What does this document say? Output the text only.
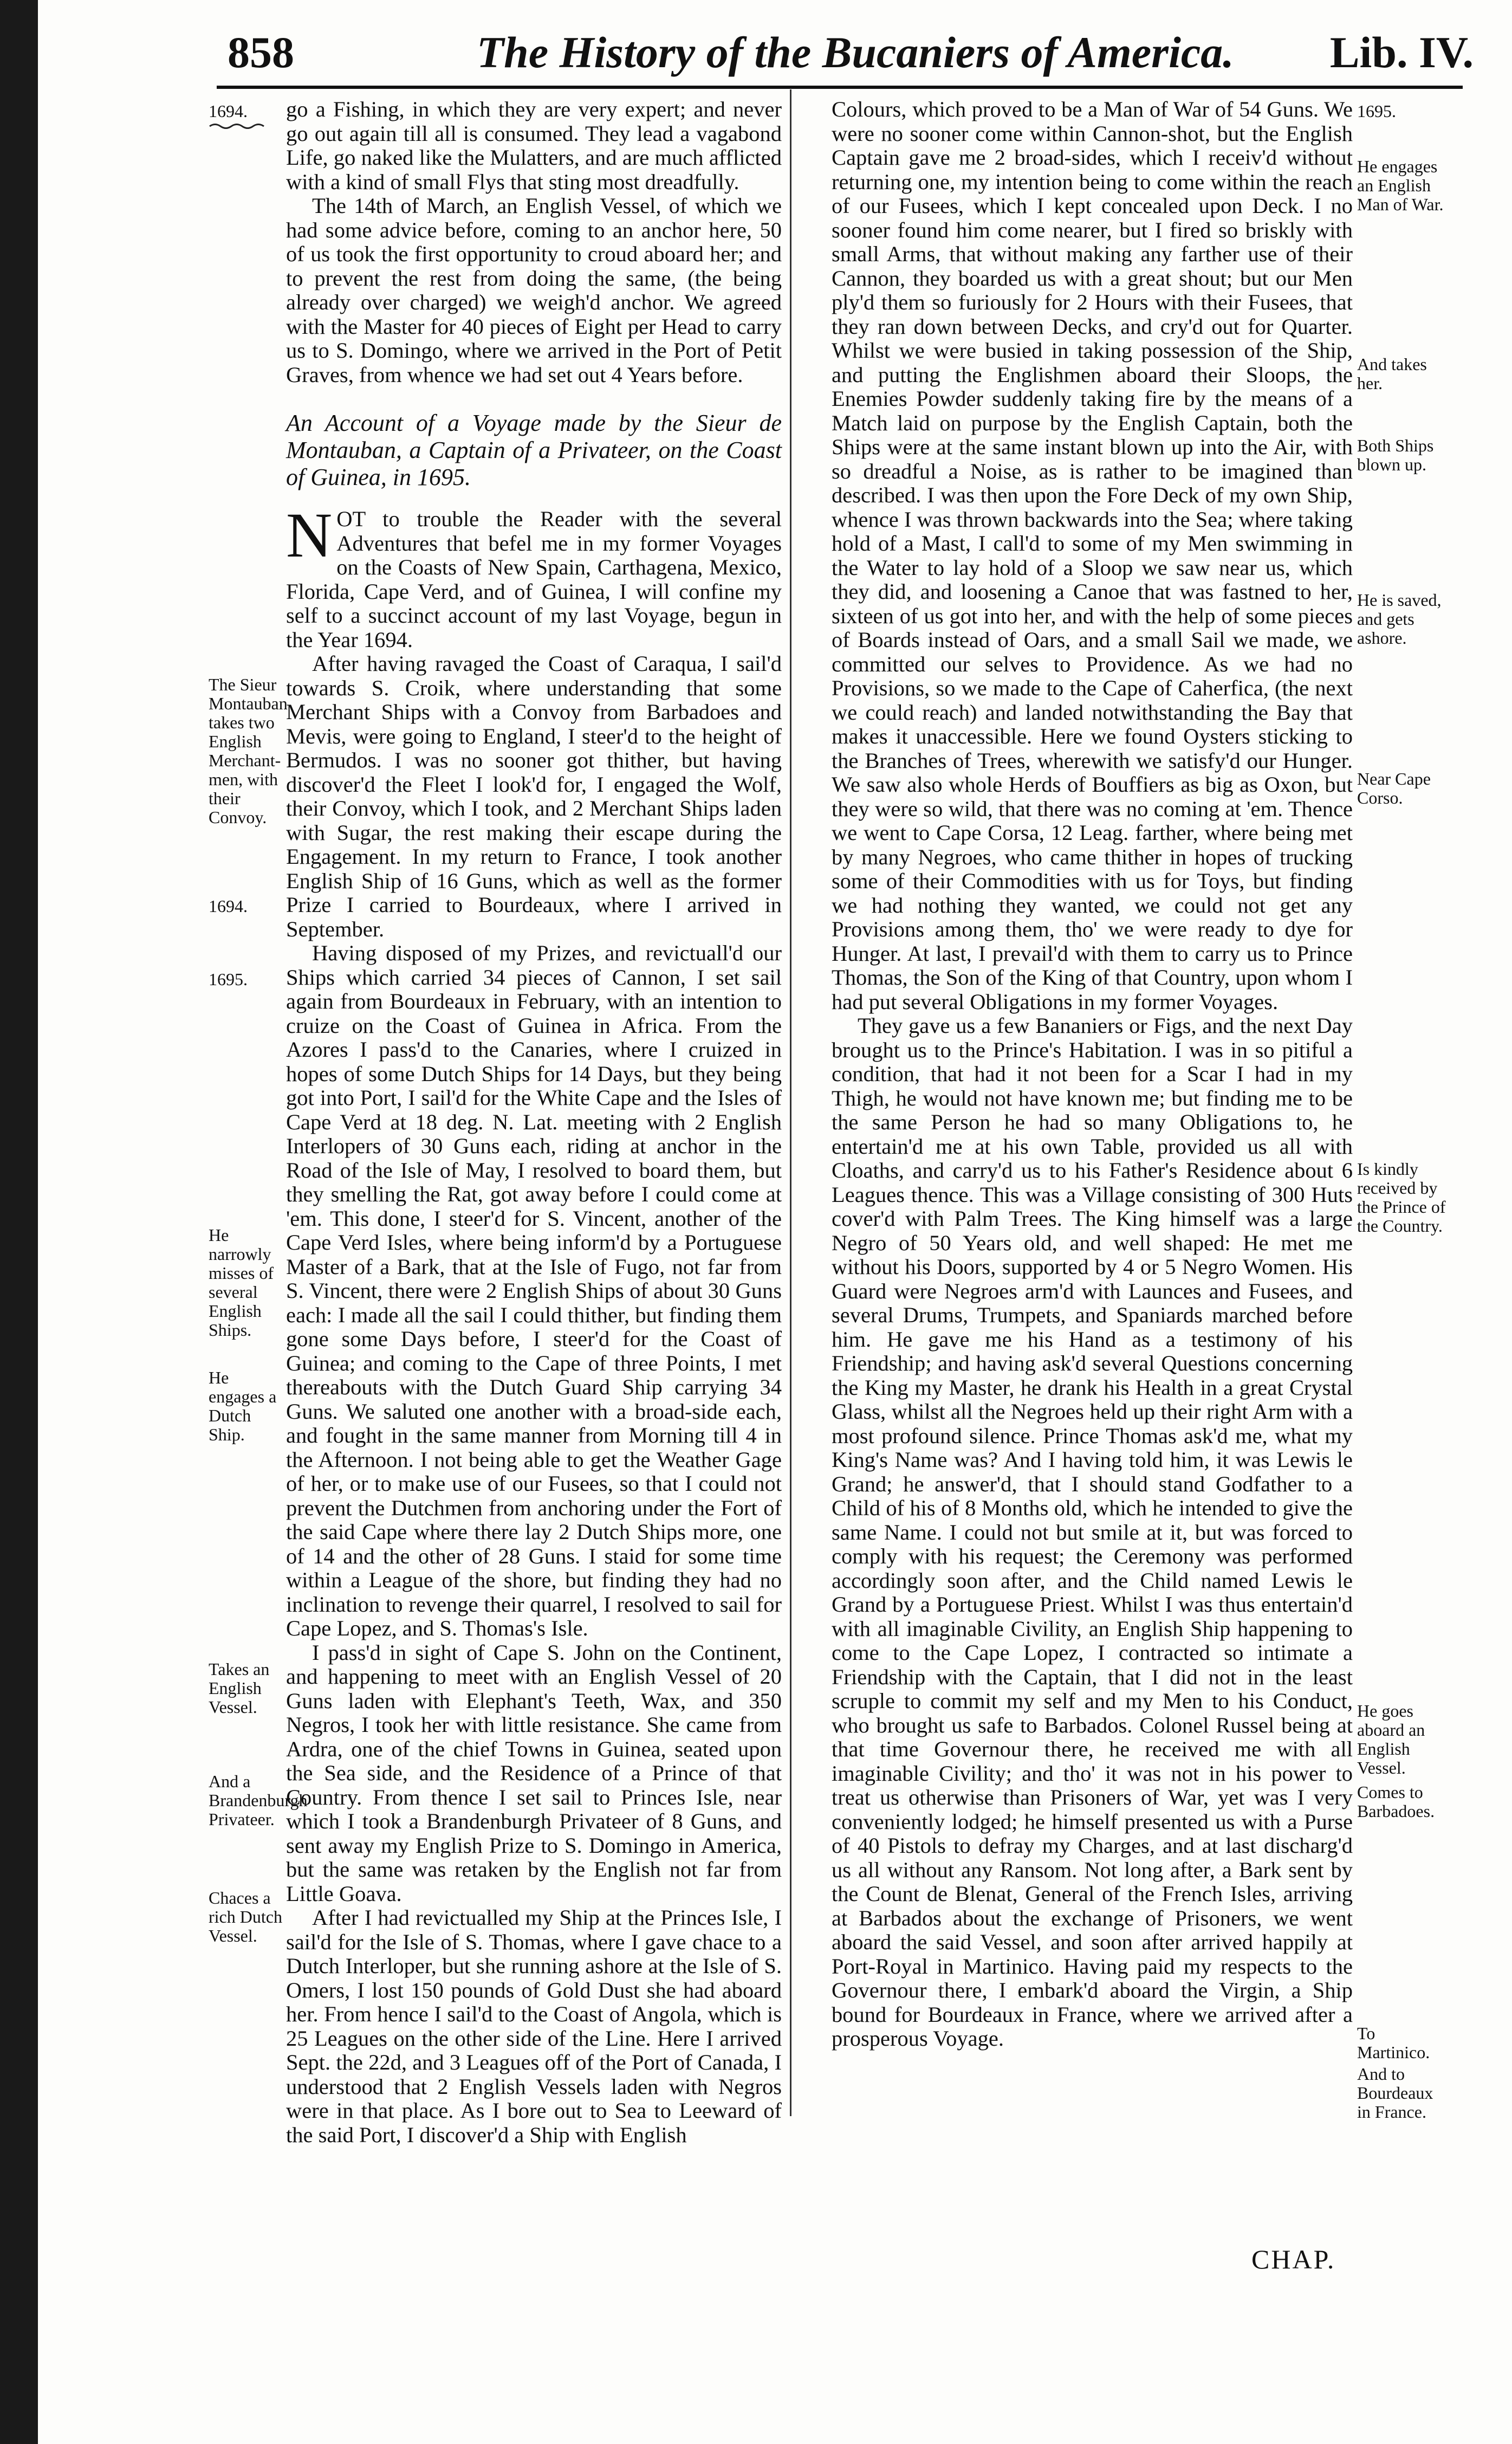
858	The History of the Bucaniers of America. Lib. IV.
1694.
The Sieur Montauban takes two English Merchant-men, with their Convoy.
1694.
1695.
He narrowly misses of several English Ships.
He engages a Dutch Ship.
Takes an English Vessel.
And a Brandenburgh Privateer.
Chaces a rich Dutch Vessel.
1695.
He engages an English Man of War.
And takes her.
Both Ships blown up.
He is saved, and gets ashore.
Near Cape Corso.
Is kindly received by the Prince of the Country.
He goes aboard an English Vessel.
Comes to Barbadoes.
To Martinico.
And to Bourdeaux in France.

go a Fishing, in which they are very expert; and never go out again till all is consumed. They lead a vagabond Life, go naked like the Mulatters, and are much afflicted with a kind of small Flys that sting most dreadfully.

The 14th of March, an English Vessel, of which we had some advice before, coming to an anchor here, 50 of us took the first opportunity to croud aboard her; and to prevent the rest from doing the same, (the being already over charged) we weigh'd anchor. We agreed with the Master for 40 pieces of Eight per Head to carry us to S. Domingo, where we arrived in the Port of Petit Graves, from whence we had set out 4 Years before.

An Account of a Voyage made by the Sieur de Montauban, a Captain of a Privateer, on the Coast of Guinea, in 1695.

NOT to trouble the Reader with the several Adventures that befel me in my former Voyages on the Coasts of New Spain, Carthagena, Mexico, Florida, Cape Verd, and of Guinea, I will confine my self to a succinct account of my last Voyage, begun in the Year 1694.

After having ravaged the Coast of Caraqua, I sail'd towards S. Croik, where understanding that some Merchant Ships with a Convoy from Barbadoes and Mevis, were going to England, I steer'd to the height of Bermudos. I was no sooner got thither, but having discover'd the Fleet I look'd for, I engaged the Wolf, their Convoy, which I took, and 2 Merchant Ships laden with Sugar, the rest making their escape during the Engagement. In my return to France, I took another English Ship of 16 Guns, which as well as the former Prize I carried to Bourdeaux, where I arrived in September.

Having disposed of my Prizes, and revictuall'd our Ships which carried 34 pieces of Cannon, I set sail again from Bourdeaux in February, with an intention to cruize on the Coast of Guinea in Africa. From the Azores I pass'd to the Canaries, where I cruized in hopes of some Dutch Ships for 14 Days, but they being got into Port, I sail'd for the White Cape and the Isles of Cape Verd at 18 deg. N. Lat. meeting with 2 English Interlopers of 30 Guns each, riding at anchor in the Road of the Isle of May, I resolved to board them, but they smelling the Rat, got away before I could come at 'em. This done, I steer'd for S. Vincent, another of the Cape Verd Isles, where being inform'd by a Portuguese Master of a Bark, that at the Isle of Fugo, not far from S. Vincent, there were 2 English Ships of about 30 Guns each: I made all the sail I could thither, but finding them gone some Days before, I steer'd for the Coast of Guinea; and coming to the Cape of three Points, I met thereabouts with the Dutch Guard Ship carrying 34 Guns. We saluted one another with a broad-side each, and fought in the same manner from Morning till 4 in the Afternoon. I not being able to get the Weather Gage of her, or to make use of our Fusees, so that I could not prevent the Dutchmen from anchoring under the Fort of the said Cape where there lay 2 Dutch Ships more, one of 14 and the other of 28 Guns. I staid for some time within a League of the shore, but finding they had no inclination to revenge their quarrel, I resolved to sail for Cape Lopez, and S. Thomas's Isle.

I pass'd in sight of Cape S. John on the Continent, and happening to meet with an English Vessel of 20 Guns laden with Elephant's Teeth, Wax, and 350 Negros, I took her with little resistance. She came from Ardra, one of the chief Towns in Guinea, seated upon the Sea side, and the Residence of a Prince of that Country. From thence I set sail to Princes Isle, near which I took a Brandenburgh Privateer of 8 Guns, and sent away my English Prize to S. Domingo in America, but the same was retaken by the English not far from Little Goava.

After I had revictualled my Ship at the Princes Isle, I sail'd for the Isle of S. Thomas, where I gave chace to a Dutch Interloper, but she running ashore at the Isle of S. Omers, I lost 150 pounds of Gold Dust she had aboard her. From hence I sail'd to the Coast of Angola, which is 25 Leagues on the other side of the Line. Here I arrived Sept. the 22d, and 3 Leagues off of the Port of Canada, I understood that 2 English Vessels laden with Negros were in that place. As I bore out to Sea to Leeward of the said Port, I discover'd a Ship with English

Colours, which proved to be a Man of War of 54 Guns. We were no sooner come within Cannon-shot, but the English Captain gave me 2 broad-sides, which I receiv'd without returning one, my intention being to come within the reach of our Fusees, which I kept concealed upon Deck. I no sooner found him come nearer, but I fired so briskly with small Arms, that without making any farther use of their Cannon, they boarded us with a great shout; but our Men ply'd them so furiously for 2 Hours with their Fusees, that they ran down between Decks, and cry'd out for Quarter. Whilst we were busied in taking possession of the Ship, and putting the Englishmen aboard their Sloops, the Enemies Powder suddenly taking fire by the means of a Match laid on purpose by the English Captain, both the Ships were at the same instant blown up into the Air, with so dreadful a Noise, as is rather to be imagined than described. I was then upon the Fore Deck of my own Ship, whence I was thrown backwards into the Sea; where taking hold of a Mast, I call'd to some of my Men swimming in the Water to lay hold of a Sloop we saw near us, which they did, and loosening a Canoe that was fastned to her, sixteen of us got into her, and with the help of some pieces of Boards instead of Oars, and a small Sail we made, we committed our selves to Providence. As we had no Provisions, so we made to the Cape of Caherfica, (the next we could reach) and landed notwithstanding the Bay that makes it unaccessible. Here we found Oysters sticking to the Branches of Trees, wherewith we satisfy'd our Hunger. We saw also whole Herds of Bouffiers as big as Oxon, but they were so wild, that there was no coming at 'em. Thence we went to Cape Corsa, 12 Leag. farther, where being met by many Negroes, who came thither in hopes of trucking some of their Commodities with us for Toys, but finding we had nothing they wanted, we could not get any Provisions among them, tho' we were ready to dye for Hunger. At last, I prevail'd with them to carry us to Prince Thomas, the Son of the King of that Country, upon whom I had put several Obligations in my former Voyages.

They gave us a few Bananiers or Figs, and the next Day brought us to the Prince's Habitation. I was in so pitiful a condition, that had it not been for a Scar I had in my Thigh, he would not have known me; but finding me to be the same Person he had so many Obligations to, he entertain'd me at his own Table, provided us all with Cloaths, and carry'd us to his Father's Residence about 6 Leagues thence. This was a Village consisting of 300 Huts cover'd with Palm Trees. The King himself was a large Negro of 50 Years old, and well shaped: He met me without his Doors, supported by 4 or 5 Negro Women. His Guard were Negroes arm'd with Launces and Fusees, and several Drums, Trumpets, and Spaniards marched before him. He gave me his Hand as a testimony of his Friendship; and having ask'd several Questions concerning the King my Master, he drank his Health in a great Crystal Glass, whilst all the Negroes held up their right Arm with a most profound silence. Prince Thomas ask'd me, what my King's Name was? And I having told him, it was Lewis le Grand; he answer'd, that I should stand Godfather to a Child of his of 8 Months old, which he intended to give the same Name. I could not but smile at it, but was forced to comply with his request; the Ceremony was performed accordingly soon after, and the Child named Lewis le Grand by a Portuguese Priest. Whilst I was thus entertain'd with all imaginable Civility, an English Ship happening to come to the Cape Lopez, I contracted so intimate a Friendship with the Captain, that I did not in the least scruple to commit my self and my Men to his Conduct, who brought us safe to Barbados. Colonel Russel being at that time Governour there, he received me with all imaginable Civility; and tho' it was not in his power to treat us otherwise than Prisoners of War, yet was I very conveniently lodged; he himself presented us with a Purse of 40 Pistols to defray my Charges, and at last discharg'd us all without any Ransom. Not long after, a Bark sent by the Count de Blenat, General of the French Isles, arriving at Barbados about the exchange of Prisoners, we went aboard the said Vessel, and soon after arrived happily at Port-Royal in Martinico. Having paid my respects to the Governour there, I embark'd aboard the Virgin, a Ship bound for Bourdeaux in France, where we arrived after a prosperous Voyage.

CHAP.
